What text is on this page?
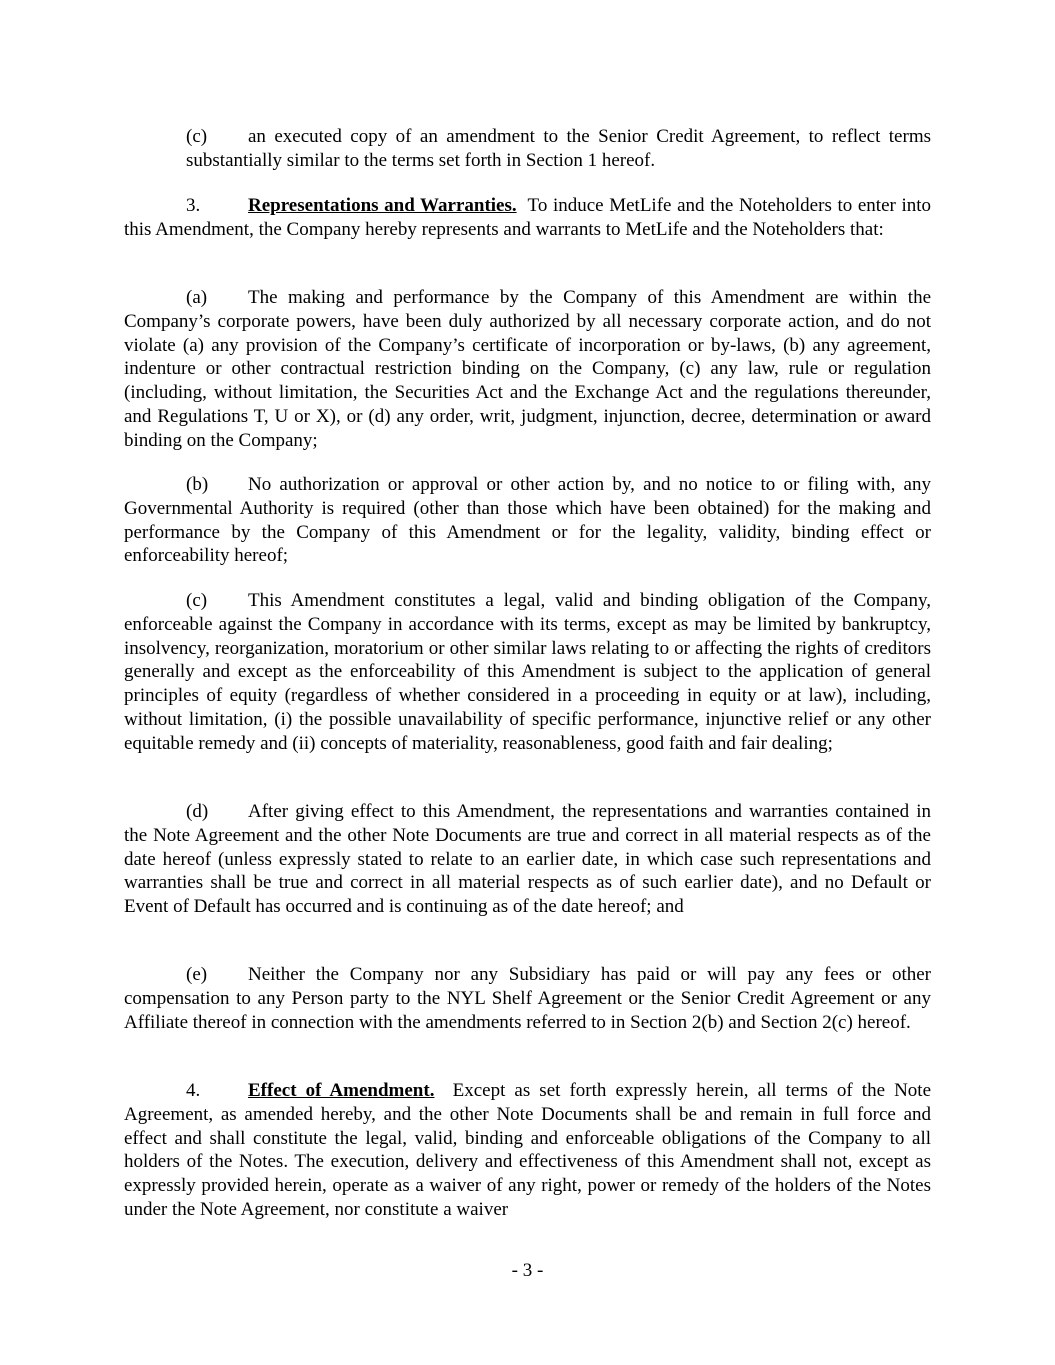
(c) an executed copy of an amendment to the Senior Credit Agreement, to reflect terms substantially similar to the terms set forth in Section 1 hereof.

3.	Representations and Warranties. To induce MetLife and the Noteholders to enter into this Amendment, the Company hereby represents and warrants to MetLife and the Noteholders that:

(a) The making and performance by the Company of this Amendment are within the Company’s corporate powers, have been duly authorized by all necessary corporate action, and do not violate (a) any provision of the Company’s certificate of incorporation or by-laws, (b) any agreement, indenture or other contractual restriction binding on the Company, (c) any law, rule or regulation (including, without limitation, the Securities Act and the Exchange Act and the regulations thereunder, and Regulations T, U or X), or (d) any order, writ, judgment, injunction, decree, determination or award binding on the Company;

(b) No authorization or approval or other action by, and no notice to or filing with, any Governmental Authority is required (other than those which have been obtained) for the making and performance by the Company of this Amendment or for the legality, validity, binding effect or enforceability hereof;

(c) This Amendment constitutes a legal, valid and binding obligation of the Company, enforceable against the Company in accordance with its terms, except as may be limited by bankruptcy, insolvency, reorganization, moratorium or other similar laws relating to or affecting the rights of creditors generally and except as the enforceability of this Amendment is subject to the application of general principles of equity (regardless of whether considered in a proceeding in equity or at law), including, without limitation, (i) the possible unavailability of specific performance, injunctive relief or any other equitable remedy and (ii) concepts of materiality, reasonableness, good faith and fair dealing;

(d) After giving effect to this Amendment, the representations and warranties contained in the Note Agreement and the other Note Documents are true and correct in all material respects as of the date hereof (unless expressly stated to relate to an earlier date, in which case such representations and warranties shall be true and correct in all material respects as of such earlier date), and no Default or Event of Default has occurred and is continuing as of the date hereof; and

(e) Neither the Company nor any Subsidiary has paid or will pay any fees or other compensation to any Person party to the NYL Shelf Agreement or the Senior Credit Agreement or any Affiliate thereof in connection with the amendments referred to in Section 2(b) and Section 2(c) hereof.

4.	Effect of Amendment. Except as set forth expressly herein, all terms of the Note Agreement, as amended hereby, and the other Note Documents shall be and remain in full force and effect and shall constitute the legal, valid, binding and enforceable obligations of the Company to all holders of the Notes. The execution, delivery and effectiveness of this Amendment shall not, except as expressly provided herein, operate as a waiver of any right, power or remedy of the holders of the Notes under the Note Agreement, nor constitute a waiver

- 3 -
